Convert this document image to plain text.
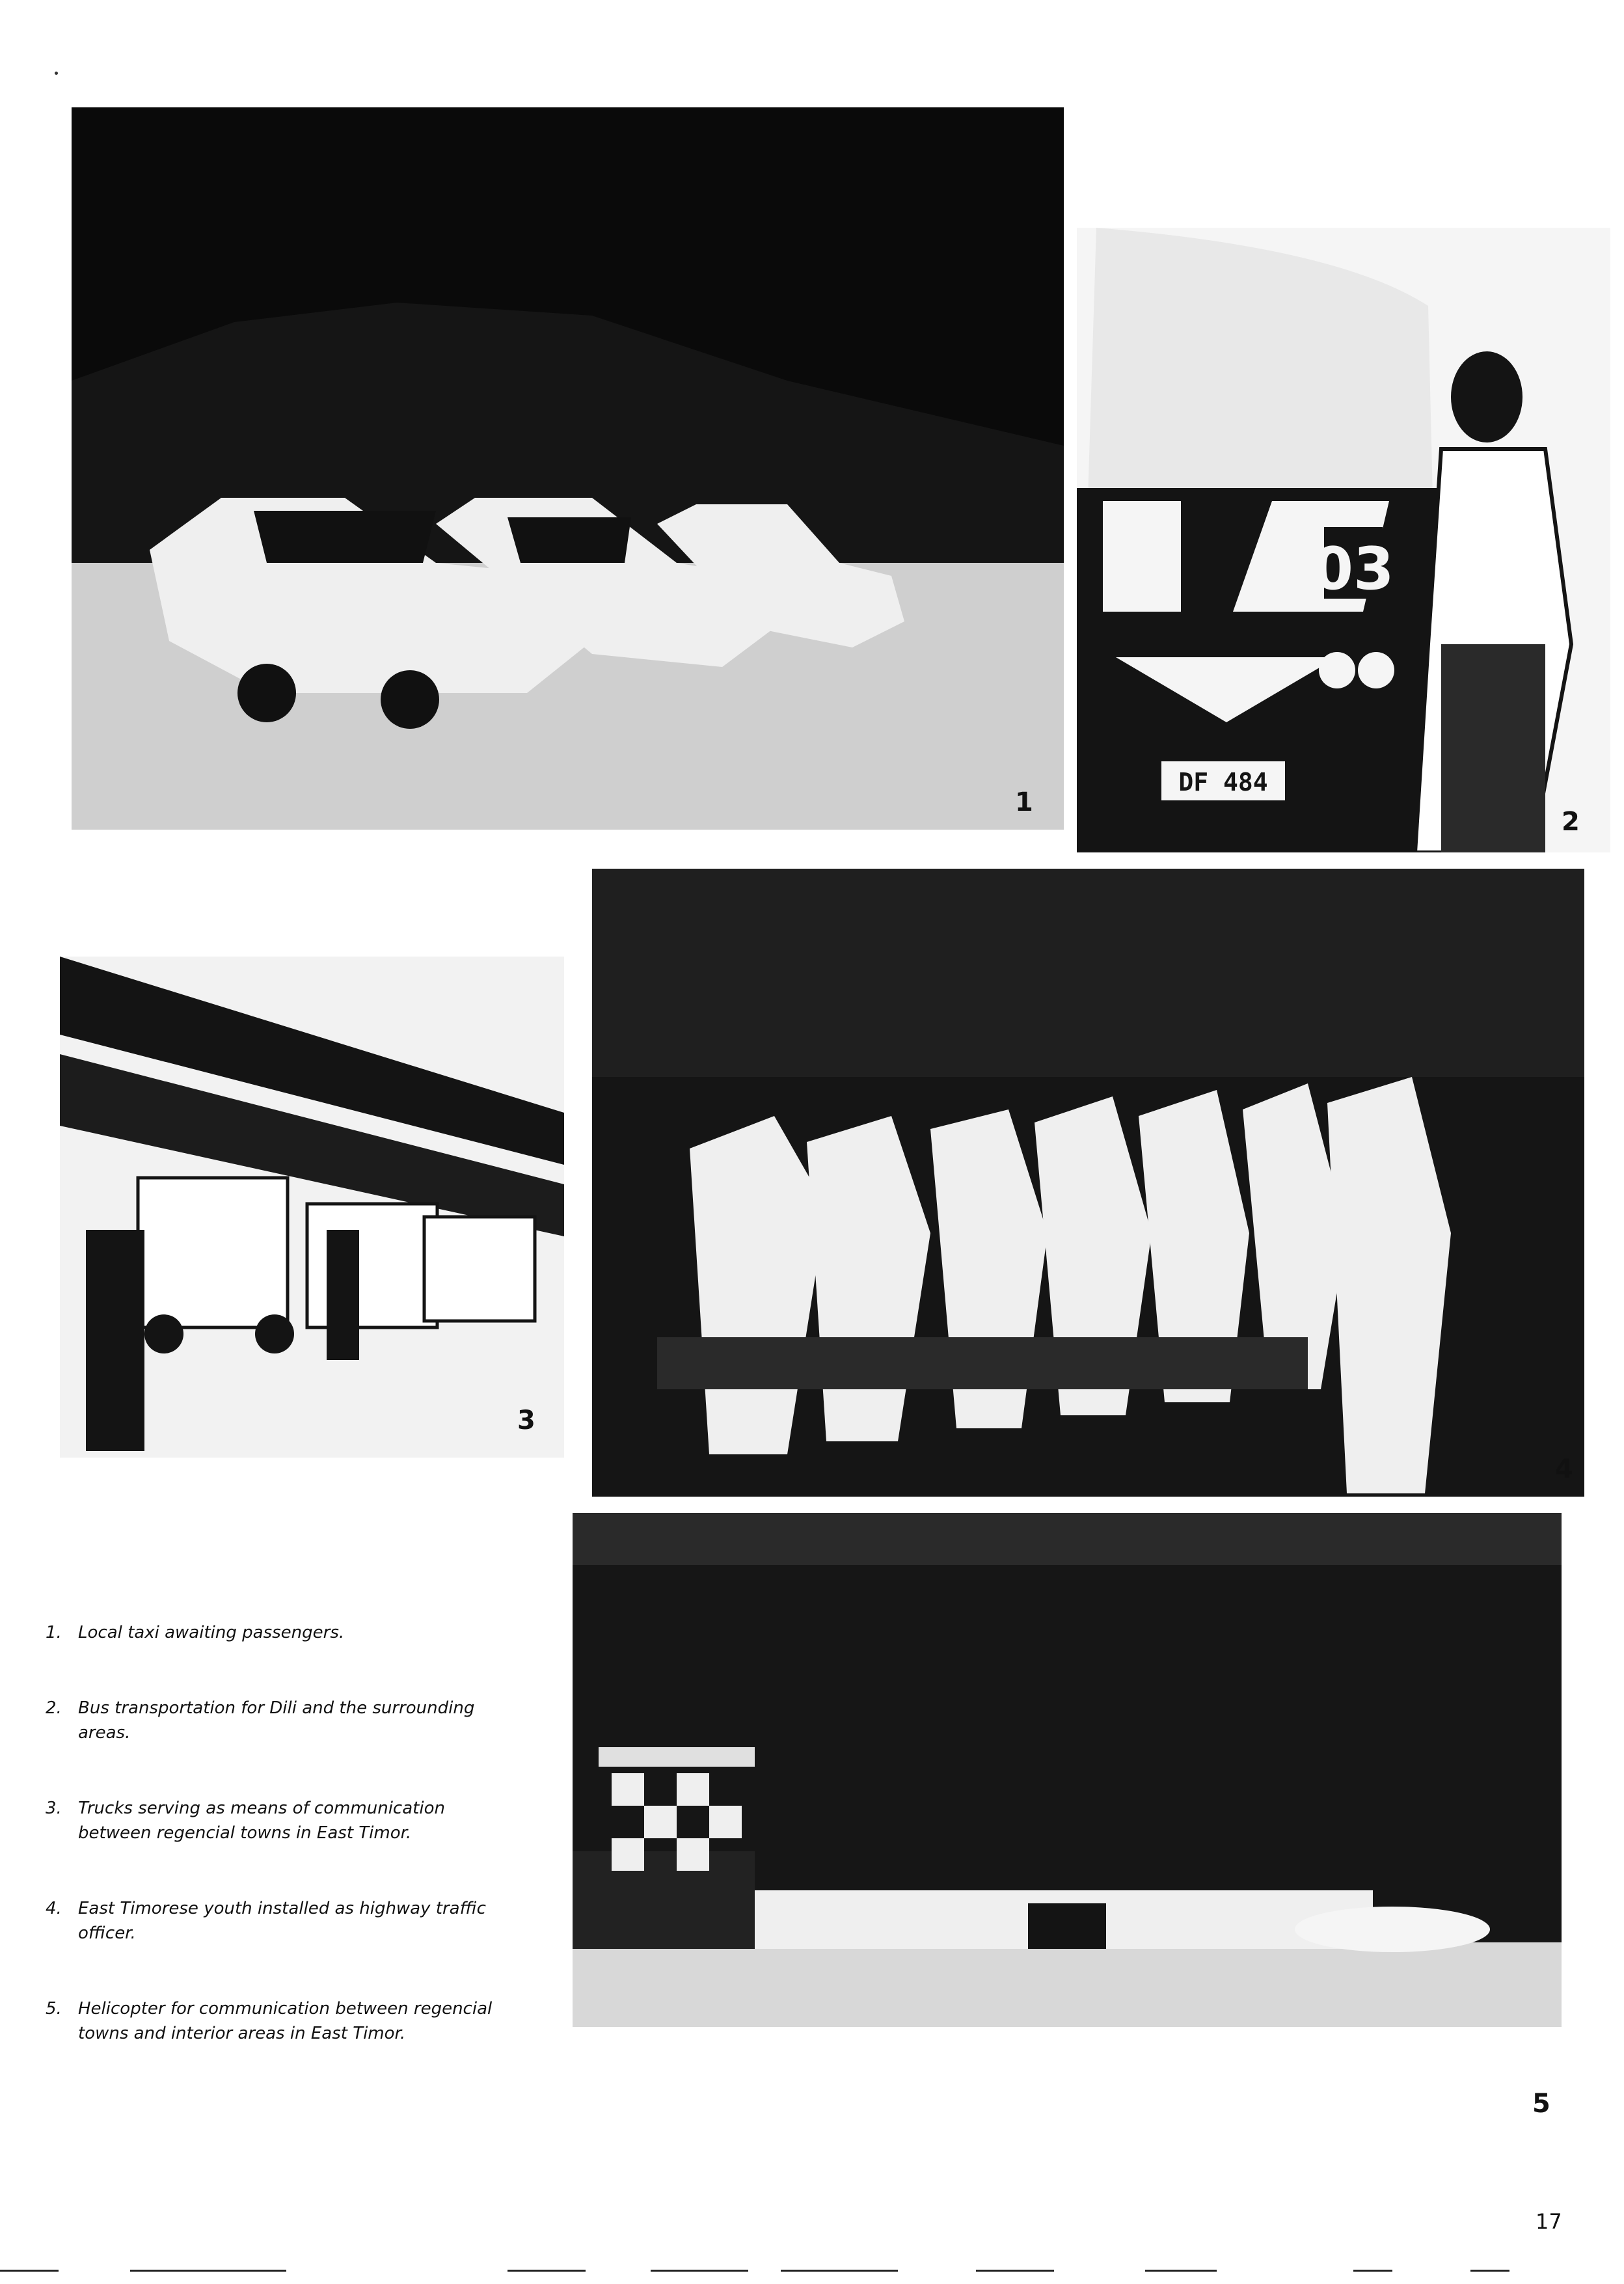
1
03
DF 484
2
3
4
5
1. Local taxi awaiting passengers.
2. Bus transportation for Dili and the surrounding areas.
3. Trucks serving as means of communication between regencial towns in East Timor.
4. East Timorese youth installed as highway traffic officer.
5. Helicopter for communication between regencial towns and interior areas in East Timor.
17
